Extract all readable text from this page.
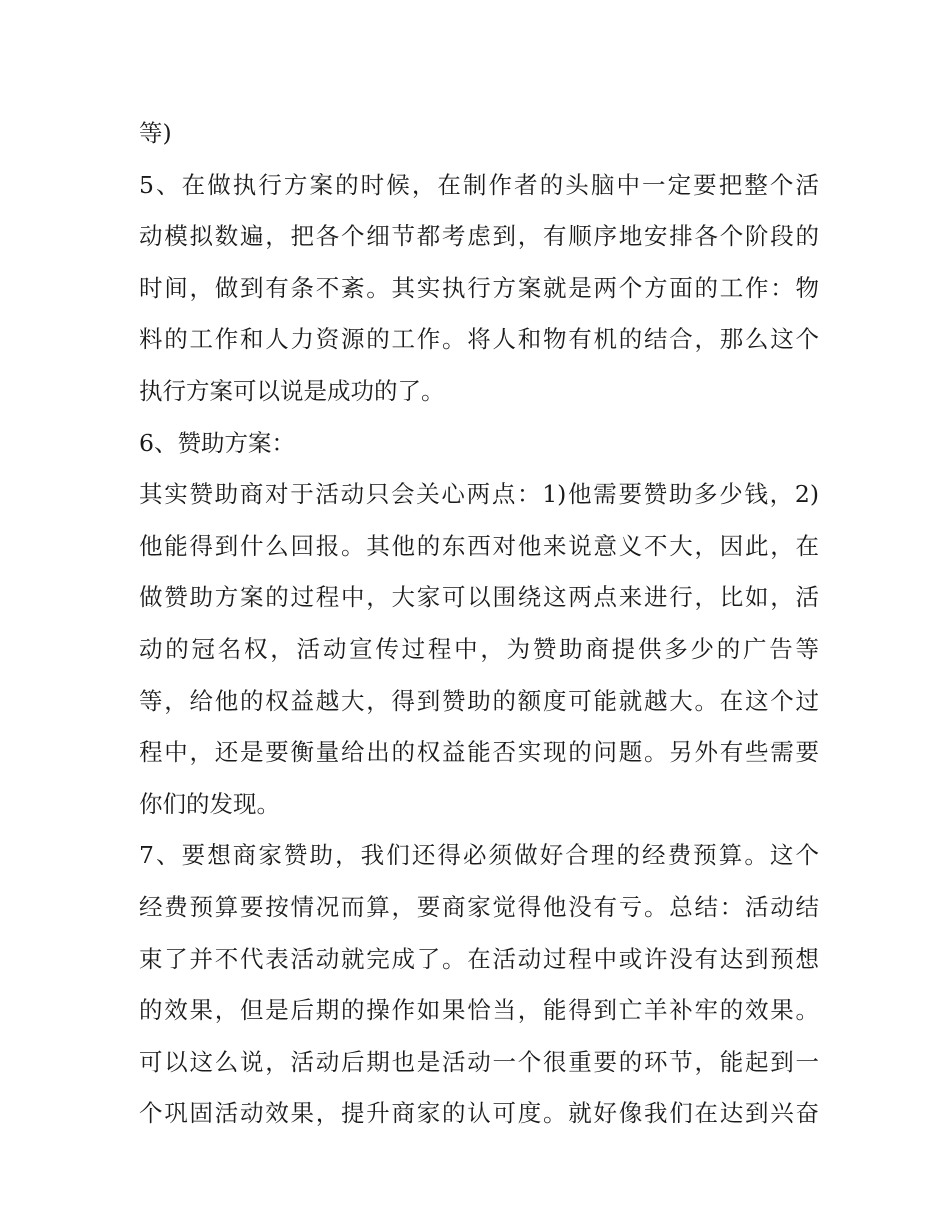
等)
5、在做执行方案的时候，在制作者的头脑中一定要把整个活
动模拟数遍，把各个细节都考虑到，有顺序地安排各个阶段的
时间，做到有条不紊。其实执行方案就是两个方面的工作：物
料的工作和人力资源的工作。将人和物有机的结合，那么这个
执行方案可以说是成功的了。
6、赞助方案：
其实赞助商对于活动只会关心两点：1)他需要赞助多少钱，2)
他能得到什么回报。其他的东西对他来说意义不大，因此，在
做赞助方案的过程中，大家可以围绕这两点来进行，比如，活
动的冠名权，活动宣传过程中，为赞助商提供多少的广告等
等，给他的权益越大，得到赞助的额度可能就越大。在这个过
程中，还是要衡量给出的权益能否实现的问题。另外有些需要
你们的发现。
7、要想商家赞助，我们还得必须做好合理的经费预算。这个
经费预算要按情况而算，要商家觉得他没有亏。总结：活动结
束了并不代表活动就完成了。在活动过程中或许没有达到预想
的效果，但是后期的操作如果恰当，能得到亡羊补牢的效果。
可以这么说，活动后期也是活动一个很重要的环节，能起到一
个巩固活动效果，提升商家的认可度。就好像我们在达到兴奋
